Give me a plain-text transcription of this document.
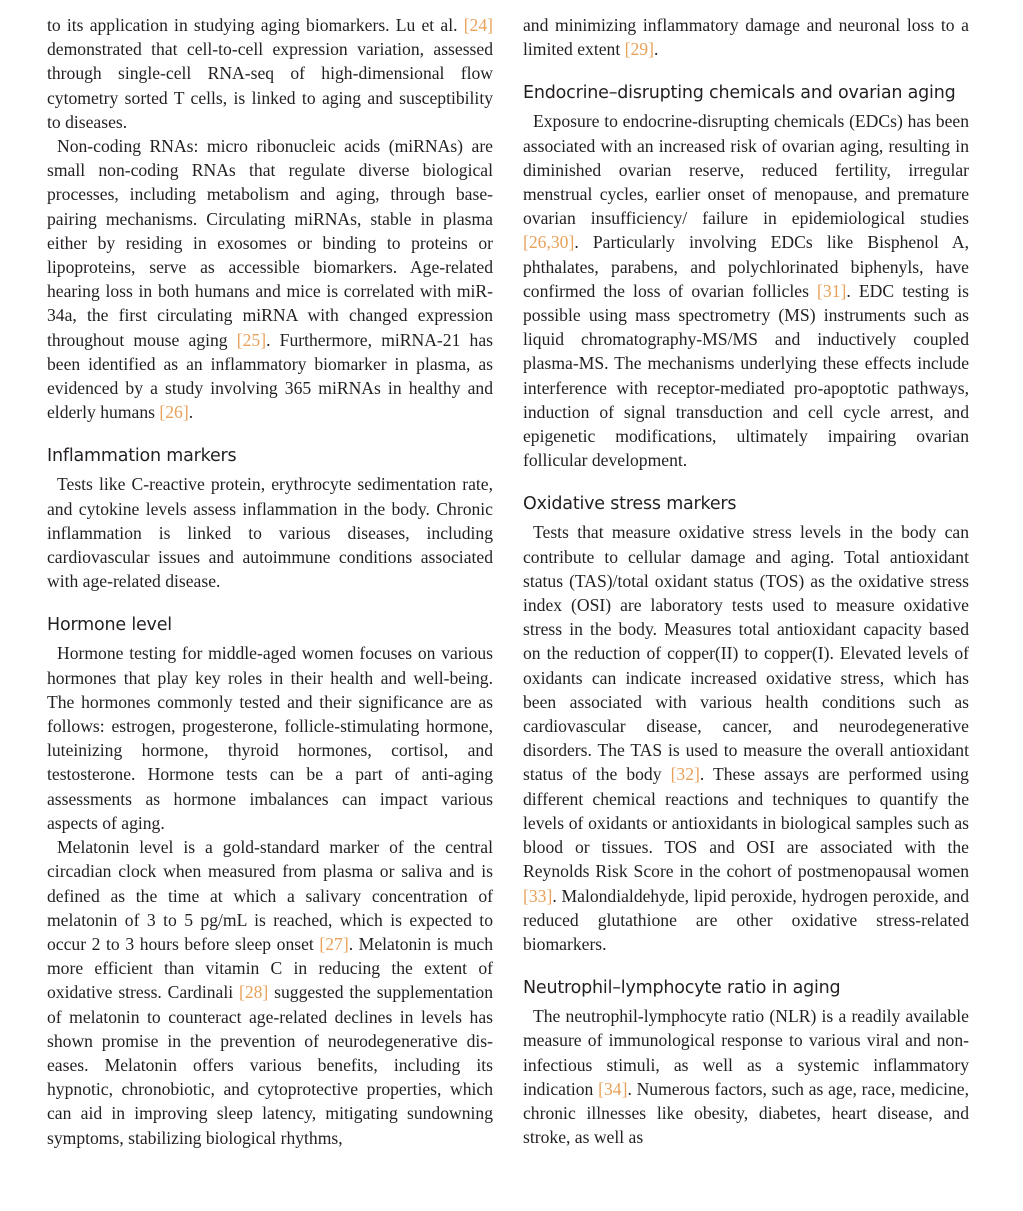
to its application in studying aging biomarkers. Lu et al. [24] demonstrated that cell-to-cell expression variation, assessed through single-cell RNA-seq of high-dimensional flow cytometry sorted T cells, is linked to aging and susceptibility to diseases.

Non-coding RNAs: micro ribonucleic acids (miRNAs) are small non-coding RNAs that regulate diverse biological processes, including metabolism and aging, through base-pairing mechanisms. Circulating miRNAs, stable in plasma either by residing in exosomes or binding to proteins or lipoproteins, serve as accessible biomarkers. Age-related hearing loss in both humans and mice is correlated with miR-34a, the first circulating miRNA with changed expression throughout mouse aging [25]. Furthermore, miRNA-21 has been identified as an inflammatory biomarker in plasma, as evidenced by a study involving 365 miRNAs in healthy and elderly humans [26].

Inflammation markers

Tests like C-reactive protein, erythrocyte sedimentation rate, and cytokine levels assess inflammation in the body. Chronic inflammation is linked to various diseases, including cardiovascular issues and autoimmune conditions associated with age-related disease.

Hormone level

Hormone testing for middle-aged women focuses on various hormones that play key roles in their health and well-being. The hormones commonly tested and their significance are as follows: estrogen, progesterone, follicle-stimulating hormone, luteinizing hormone, thyroid hormones, cortisol, and testosterone. Hormone tests can be a part of anti-aging assessments as hormone imbalances can impact various aspects of aging.

Melatonin level is a gold-standard marker of the central circadian clock when measured from plasma or saliva and is defined as the time at which a salivary concentration of melatonin of 3 to 5 pg/mL is reached, which is expected to occur 2 to 3 hours before sleep onset [27]. Melatonin is much more efficient than vitamin C in reducing the extent of oxidative stress. Cardinali [28] suggested the supplementation of melatonin to counteract age-related declines in levels has shown promise in the prevention of neurodegenerative diseases. Melatonin offers various benefits, including its hypnotic, chronobiotic, and cytoprotective properties, which can aid in improving sleep latency, mitigating sundowning symptoms, stabilizing biological rhythms,

and minimizing inflammatory damage and neuronal loss to a limited extent [29].

Endocrine–disrupting chemicals and ovarian aging

Exposure to endocrine-disrupting chemicals (EDCs) has been associated with an increased risk of ovarian aging, resulting in diminished ovarian reserve, reduced fertility, irregular menstrual cycles, earlier onset of menopause, and premature ovarian insufficiency/ failure in epidemiological studies [26,30]. Particularly involving EDCs like Bisphenol A, phthalates, parabens, and polychlorinated biphenyls, have confirmed the loss of ovarian follicles [31]. EDC testing is possible using mass spectrometry (MS) instruments such as liquid chromatography-MS/MS and inductively coupled plasma-MS. The mechanisms underlying these effects include interference with receptor-mediated pro-apoptotic pathways, induction of signal transduction and cell cycle arrest, and epigenetic modifications, ultimately impairing ovarian follicular development.

Oxidative stress markers

Tests that measure oxidative stress levels in the body can contribute to cellular damage and aging. Total antioxidant status (TAS)/total oxidant status (TOS) as the oxidative stress index (OSI) are laboratory tests used to measure oxidative stress in the body. Measures total antioxidant capacity based on the reduction of copper(II) to copper(I). Elevated levels of oxidants can indicate increased oxidative stress, which has been associated with various health conditions such as cardiovascular disease, cancer, and neurodegenerative disorders. The TAS is used to measure the overall antioxidant status of the body [32]. These assays are performed using different chemical reactions and techniques to quantify the levels of oxidants or antioxidants in biological samples such as blood or tissues. TOS and OSI are associated with the Reynolds Risk Score in the cohort of postmenopausal women [33]. Malondialdehyde, lipid peroxide, hydrogen peroxide, and reduced glutathione are other oxidative stress-related biomarkers.

Neutrophil–lymphocyte ratio in aging

The neutrophil-lymphocyte ratio (NLR) is a readily available measure of immunological response to various viral and non-infectious stimuli, as well as a systemic inflammatory indication [34]. Numerous factors, such as age, race, medicine, chronic illnesses like obesity, diabetes, heart disease, and stroke, as well as
